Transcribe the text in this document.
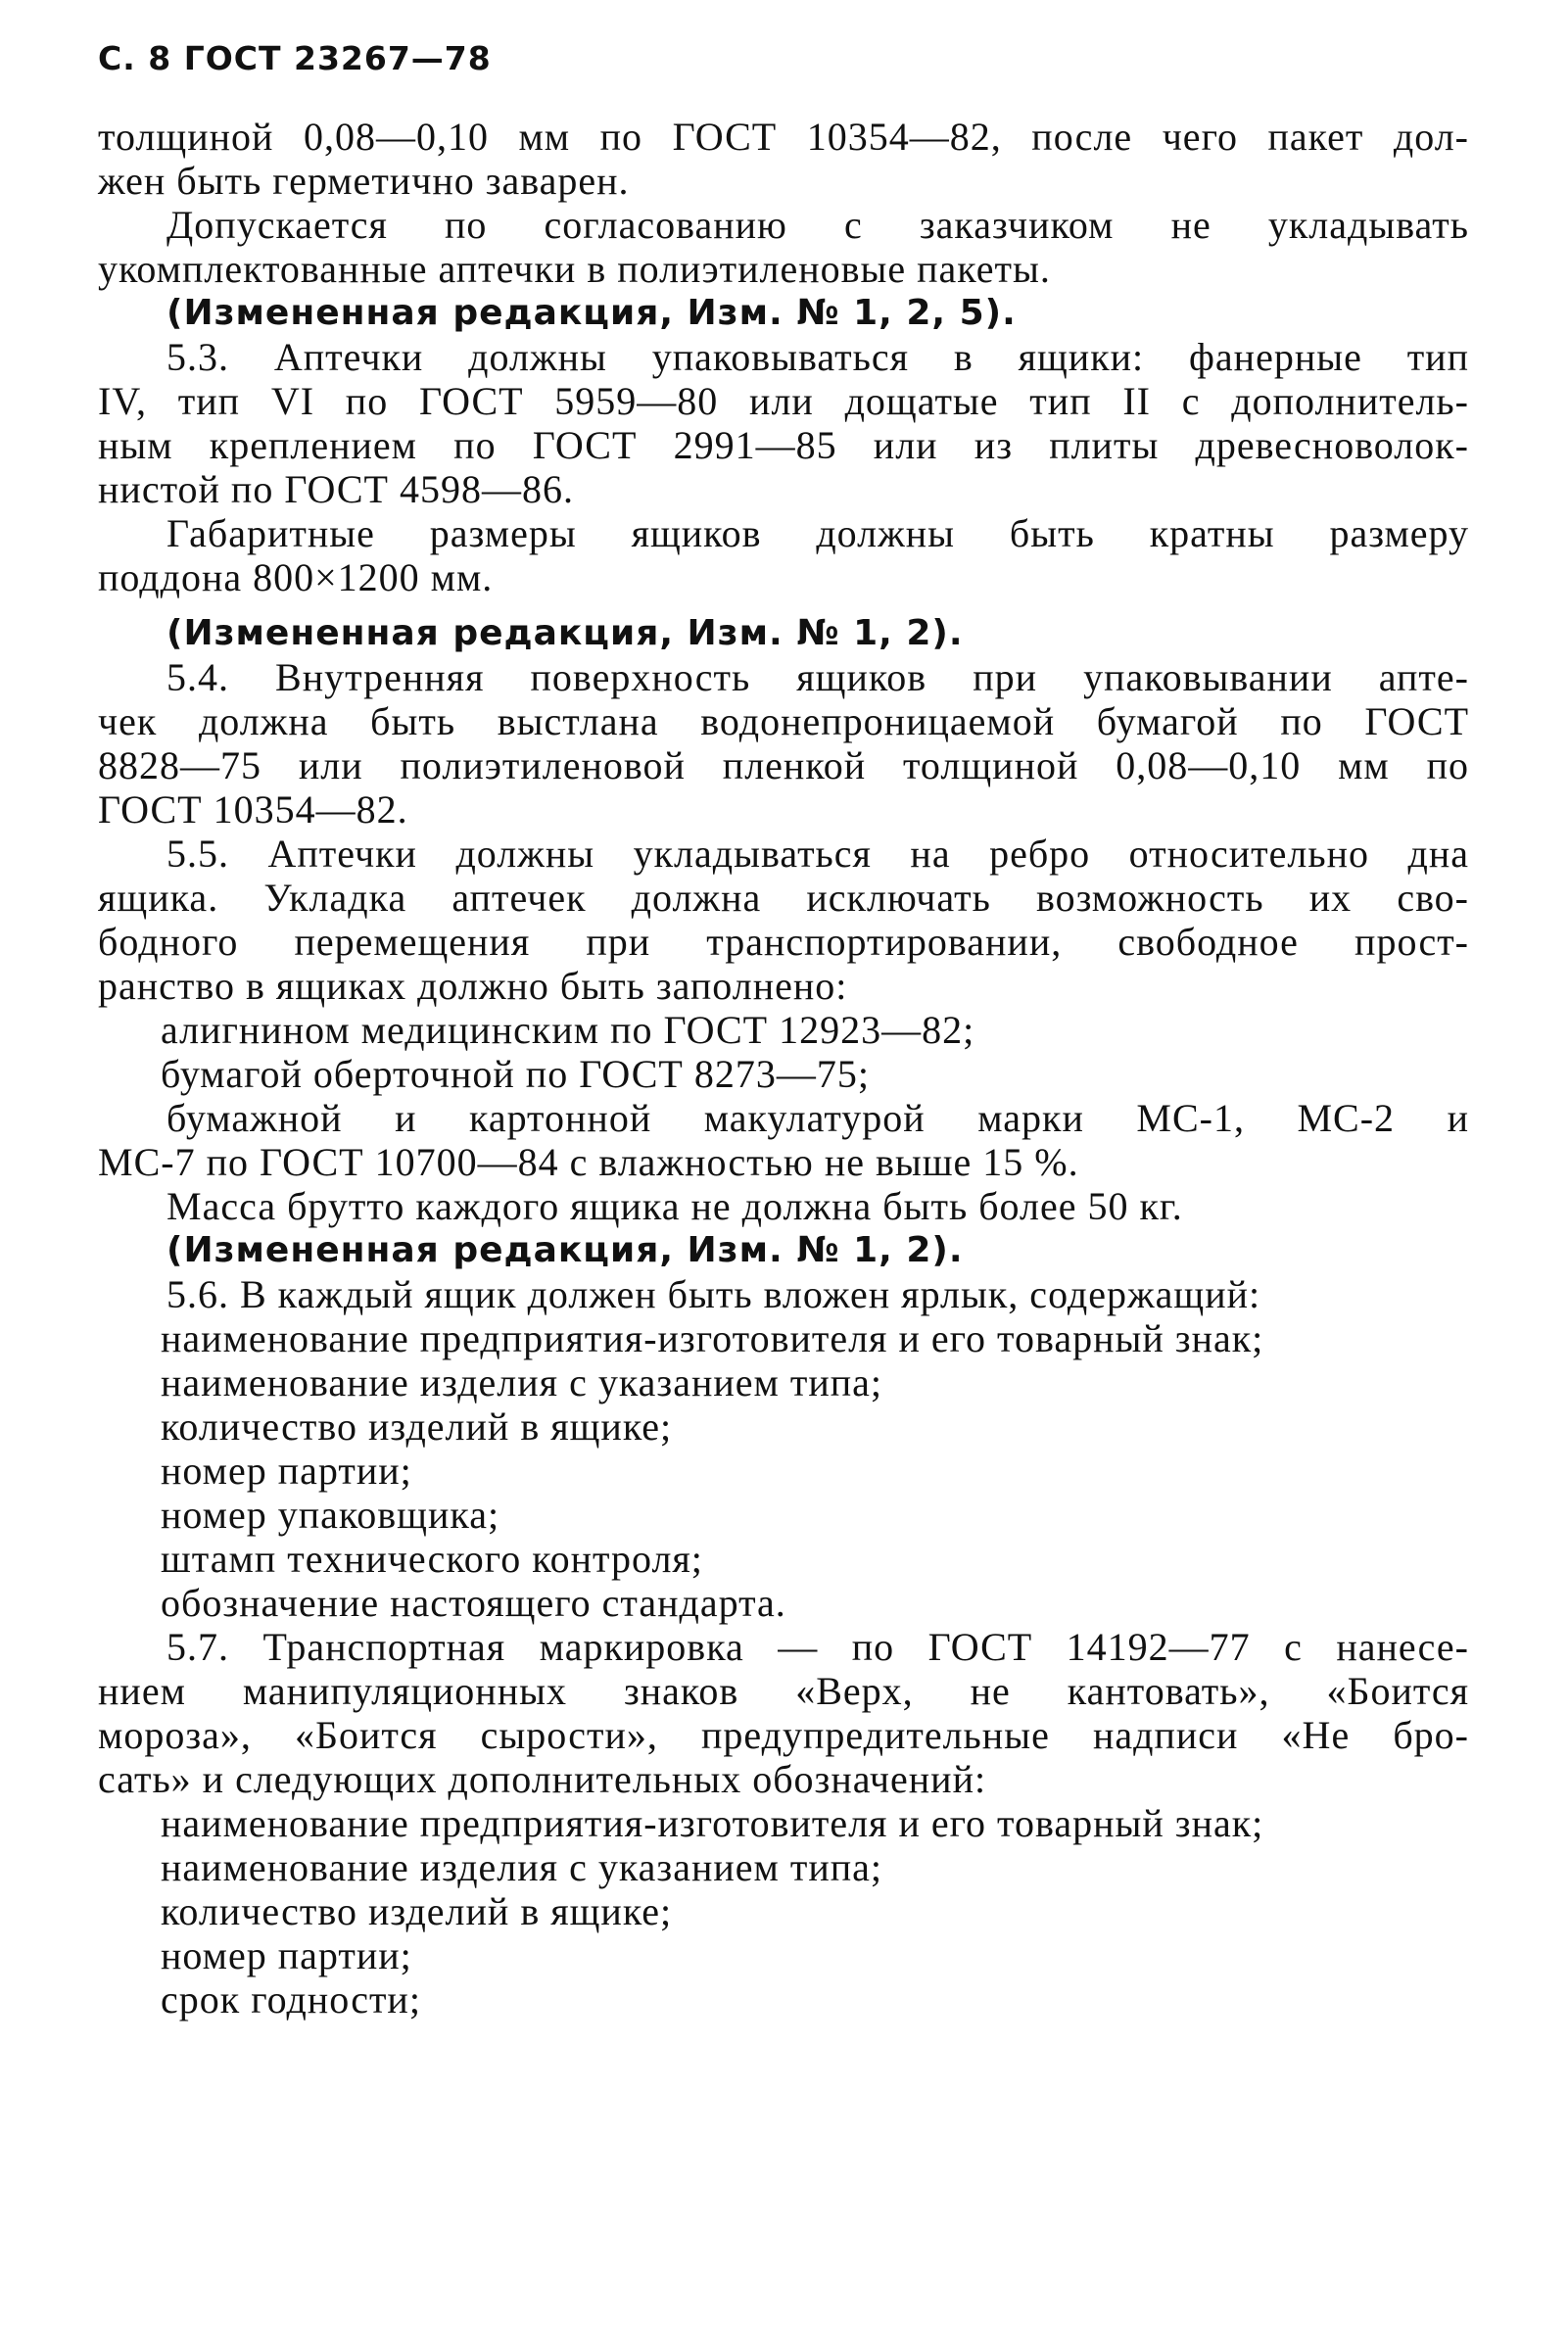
С. 8 ГОСТ 23267—78

толщиной 0,08—0,10 мм по ГОСТ 10354—82, после чего пакет дол-

жен быть герметично заварен.

Допускается по согласованию с заказчиком не укладывать

укомплектованные аптечки в полиэтиленовые пакеты.

(Измененная редакция, Изм. № 1, 2, 5).

5.3. Аптечки должны упаковываться в ящики: фанерные тип

IV, тип VI по ГОСТ 5959—80 или дощатые тип II с дополнитель-

ным креплением по ГОСТ 2991—85 или из плиты древесноволок-

нистой по ГОСТ 4598—86.

Габаритные размеры ящиков должны быть кратны размеру

поддона 800×1200 мм.

(Измененная редакция, Изм. № 1, 2).

5.4. Внутренняя поверхность ящиков при упаковывании апте-

чек должна быть выстлана водонепроницаемой бумагой по ГОСТ

8828—75 или полиэтиленовой пленкой толщиной 0,08—0,10 мм по

ГОСТ 10354—82.

5.5. Аптечки должны укладываться на ребро относительно дна

ящика. Укладка аптечек должна исключать возможность их сво-

бодного перемещения при транспортировании, свободное прост-

ранство в ящиках должно быть заполнено:

алигнином медицинским по ГОСТ 12923—82;

бумагой оберточной по ГОСТ 8273—75;

бумажной и картонной макулатурой марки МС-1, МС-2 и

МС-7 по ГОСТ 10700—84 с влажностью не выше 15 %.

Масса брутто каждого ящика не должна быть более 50 кг.

(Измененная редакция, Изм. № 1, 2).

5.6. В каждый ящик должен быть вложен ярлык, содержащий:

наименование предприятия-изготовителя и его товарный знак;

наименование изделия с указанием типа;

количество изделий в ящике;

номер партии;

номер упаковщика;

штамп технического контроля;

обозначение настоящего стандарта.

5.7. Транспортная маркировка — по ГОСТ 14192—77 с нанесе-

нием манипуляционных знаков «Верх, не кантовать», «Боится

мороза», «Боится сырости», предупредительные надписи «Не бро-

сать» и следующих дополнительных обозначений:

наименование предприятия-изготовителя и его товарный знак;

наименование изделия с указанием типа;

количество изделий в ящике;

номер партии;

срок годности;
